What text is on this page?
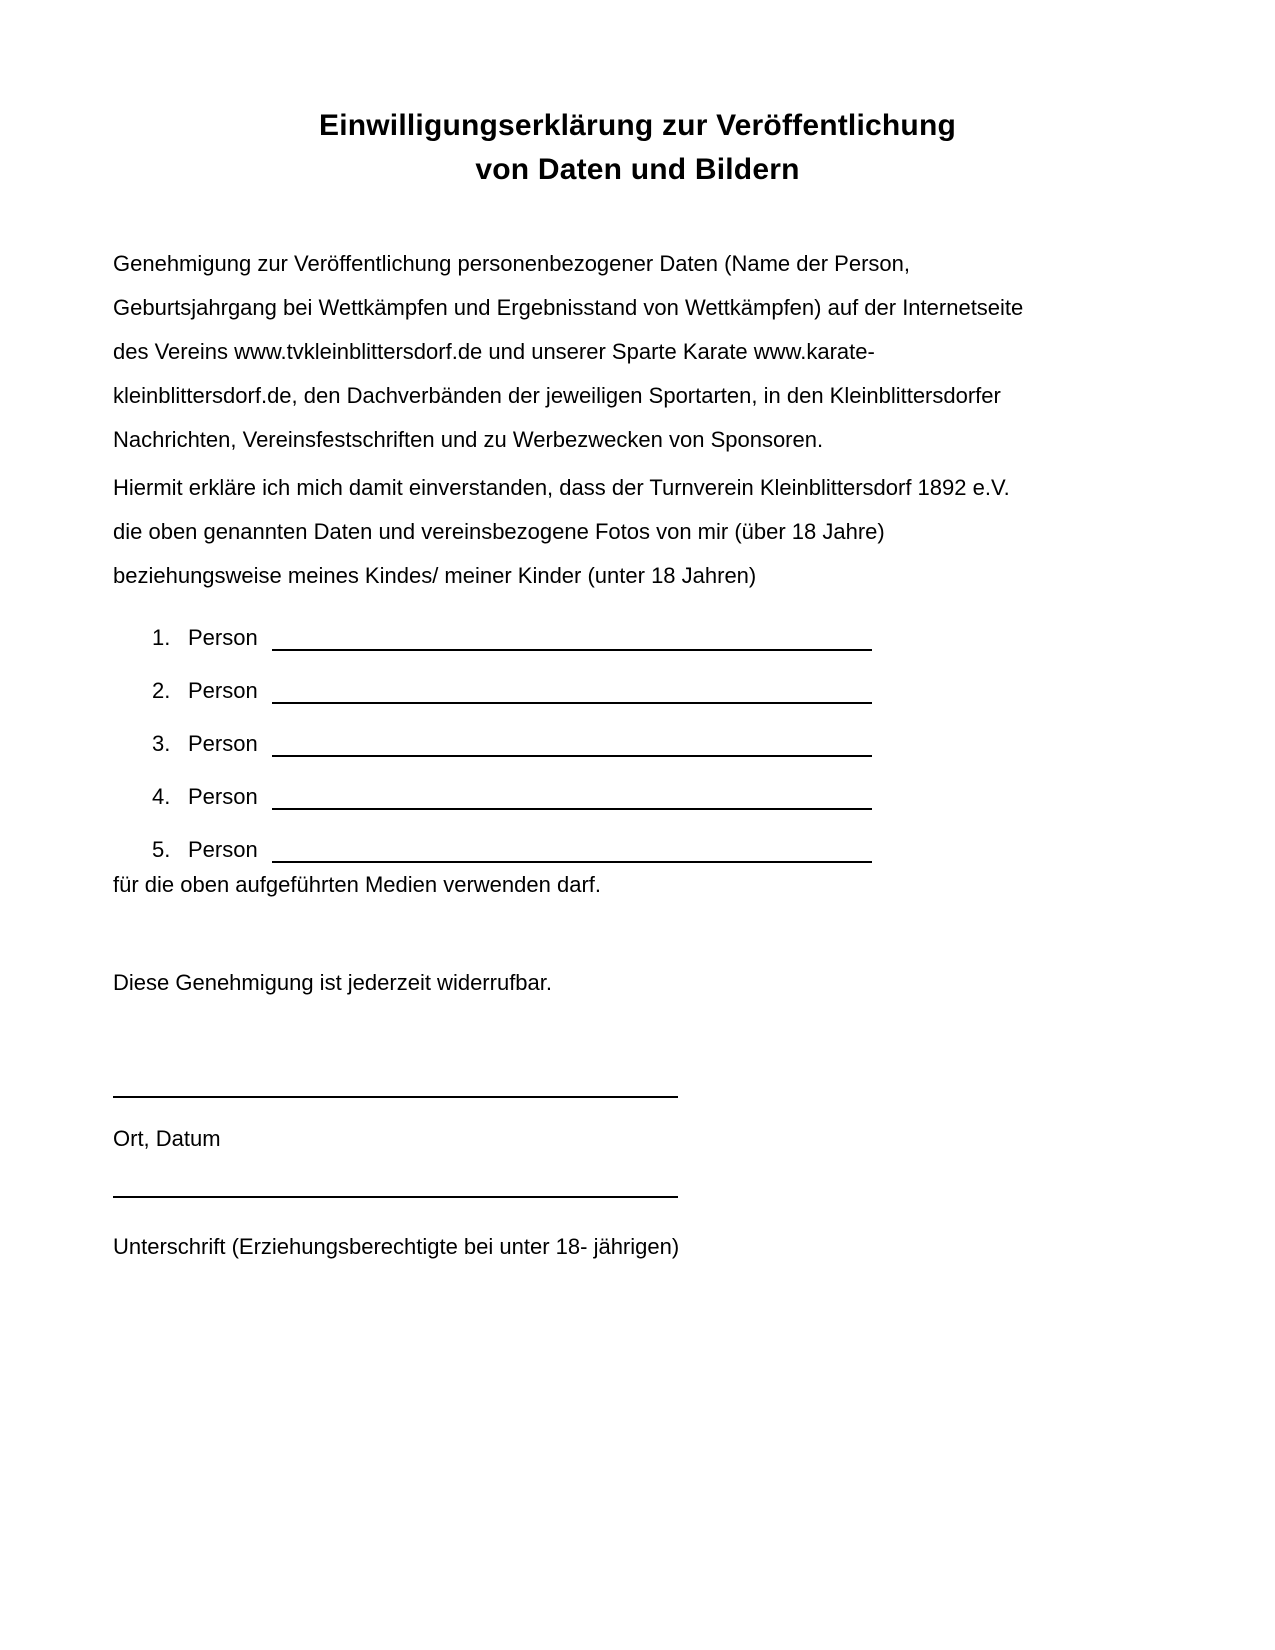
Einwilligungserklärung zur Veröffentlichung
von Daten und Bildern
Genehmigung zur Veröffentlichung personenbezogener Daten (Name der Person,
Geburtsjahrgang bei Wettkämpfen und Ergebnisstand von Wettkämpfen) auf der Internetseite
des Vereins www.tvkleinblittersdorf.de und unserer Sparte Karate www.karate-
kleinblittersdorf.de, den Dachverbänden der jeweiligen Sportarten, in den Kleinblittersdorfer
Nachrichten, Vereinsfestschriften und zu Werbezwecken von Sponsoren.
Hiermit erkläre ich mich damit einverstanden, dass der Turnverein Kleinblittersdorf 1892 e.V.
die oben genannten Daten und vereinsbezogene Fotos von mir (über 18 Jahre)
beziehungsweise meines Kindes/ meiner Kinder (unter 18 Jahren)
1. Person
2. Person
3. Person
4. Person
5. Person
für die oben aufgeführten Medien verwenden darf.
Diese Genehmigung ist jederzeit widerrufbar.
Ort, Datum
Unterschrift (Erziehungsberechtigte bei unter 18- jährigen)
